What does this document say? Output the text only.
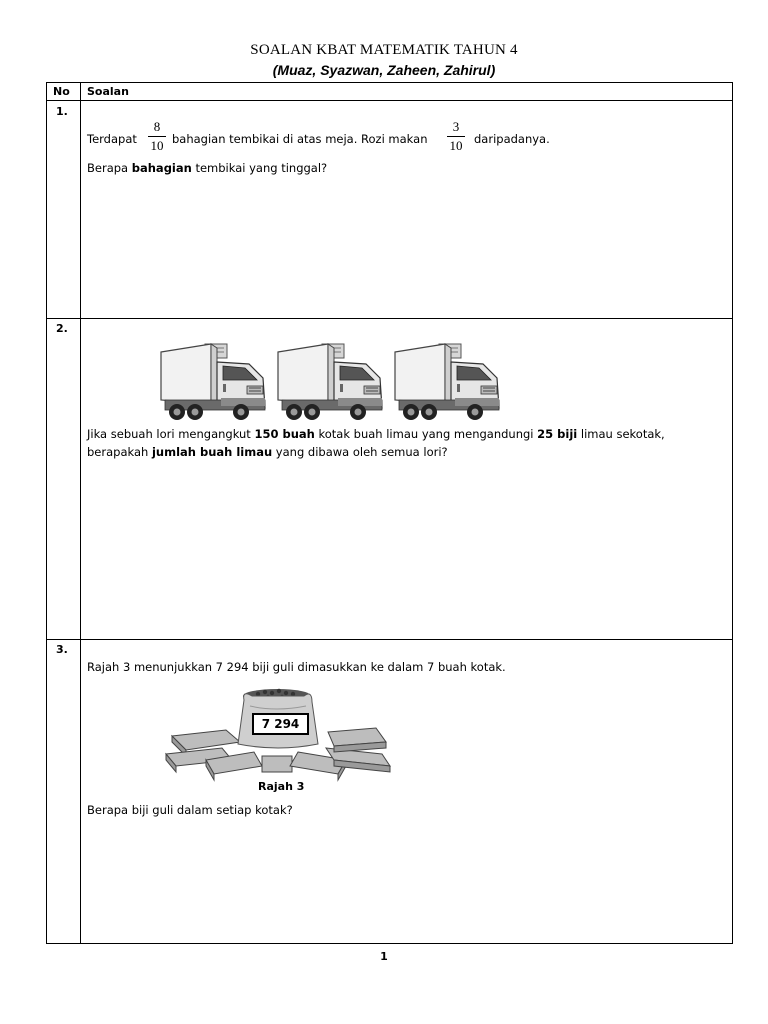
SOALAN KBAT MATEMATIK TAHUN 4
(Muaz, Syazwan, Zaheen, Zahirul)
No Soalan
1.
Terdapat
8
10 bahagian tembikai di atas meja. Rozi makan
3
10 daripadanya.
Berapa bahagian tembikai yang tinggal?
2.
Jika sebuah lori mengangkut 150 buah kotak buah limau yang mengandungi 25 biji limau sekotak,
berapakah jumlah buah limau yang dibawa oleh semua lori?
3.
Rajah 3 menunjukkan 7 294 biji guli dimasukkan ke dalam 7 buah kotak.
7 294
Rajah 3
Berapa biji guli dalam setiap kotak?
1
